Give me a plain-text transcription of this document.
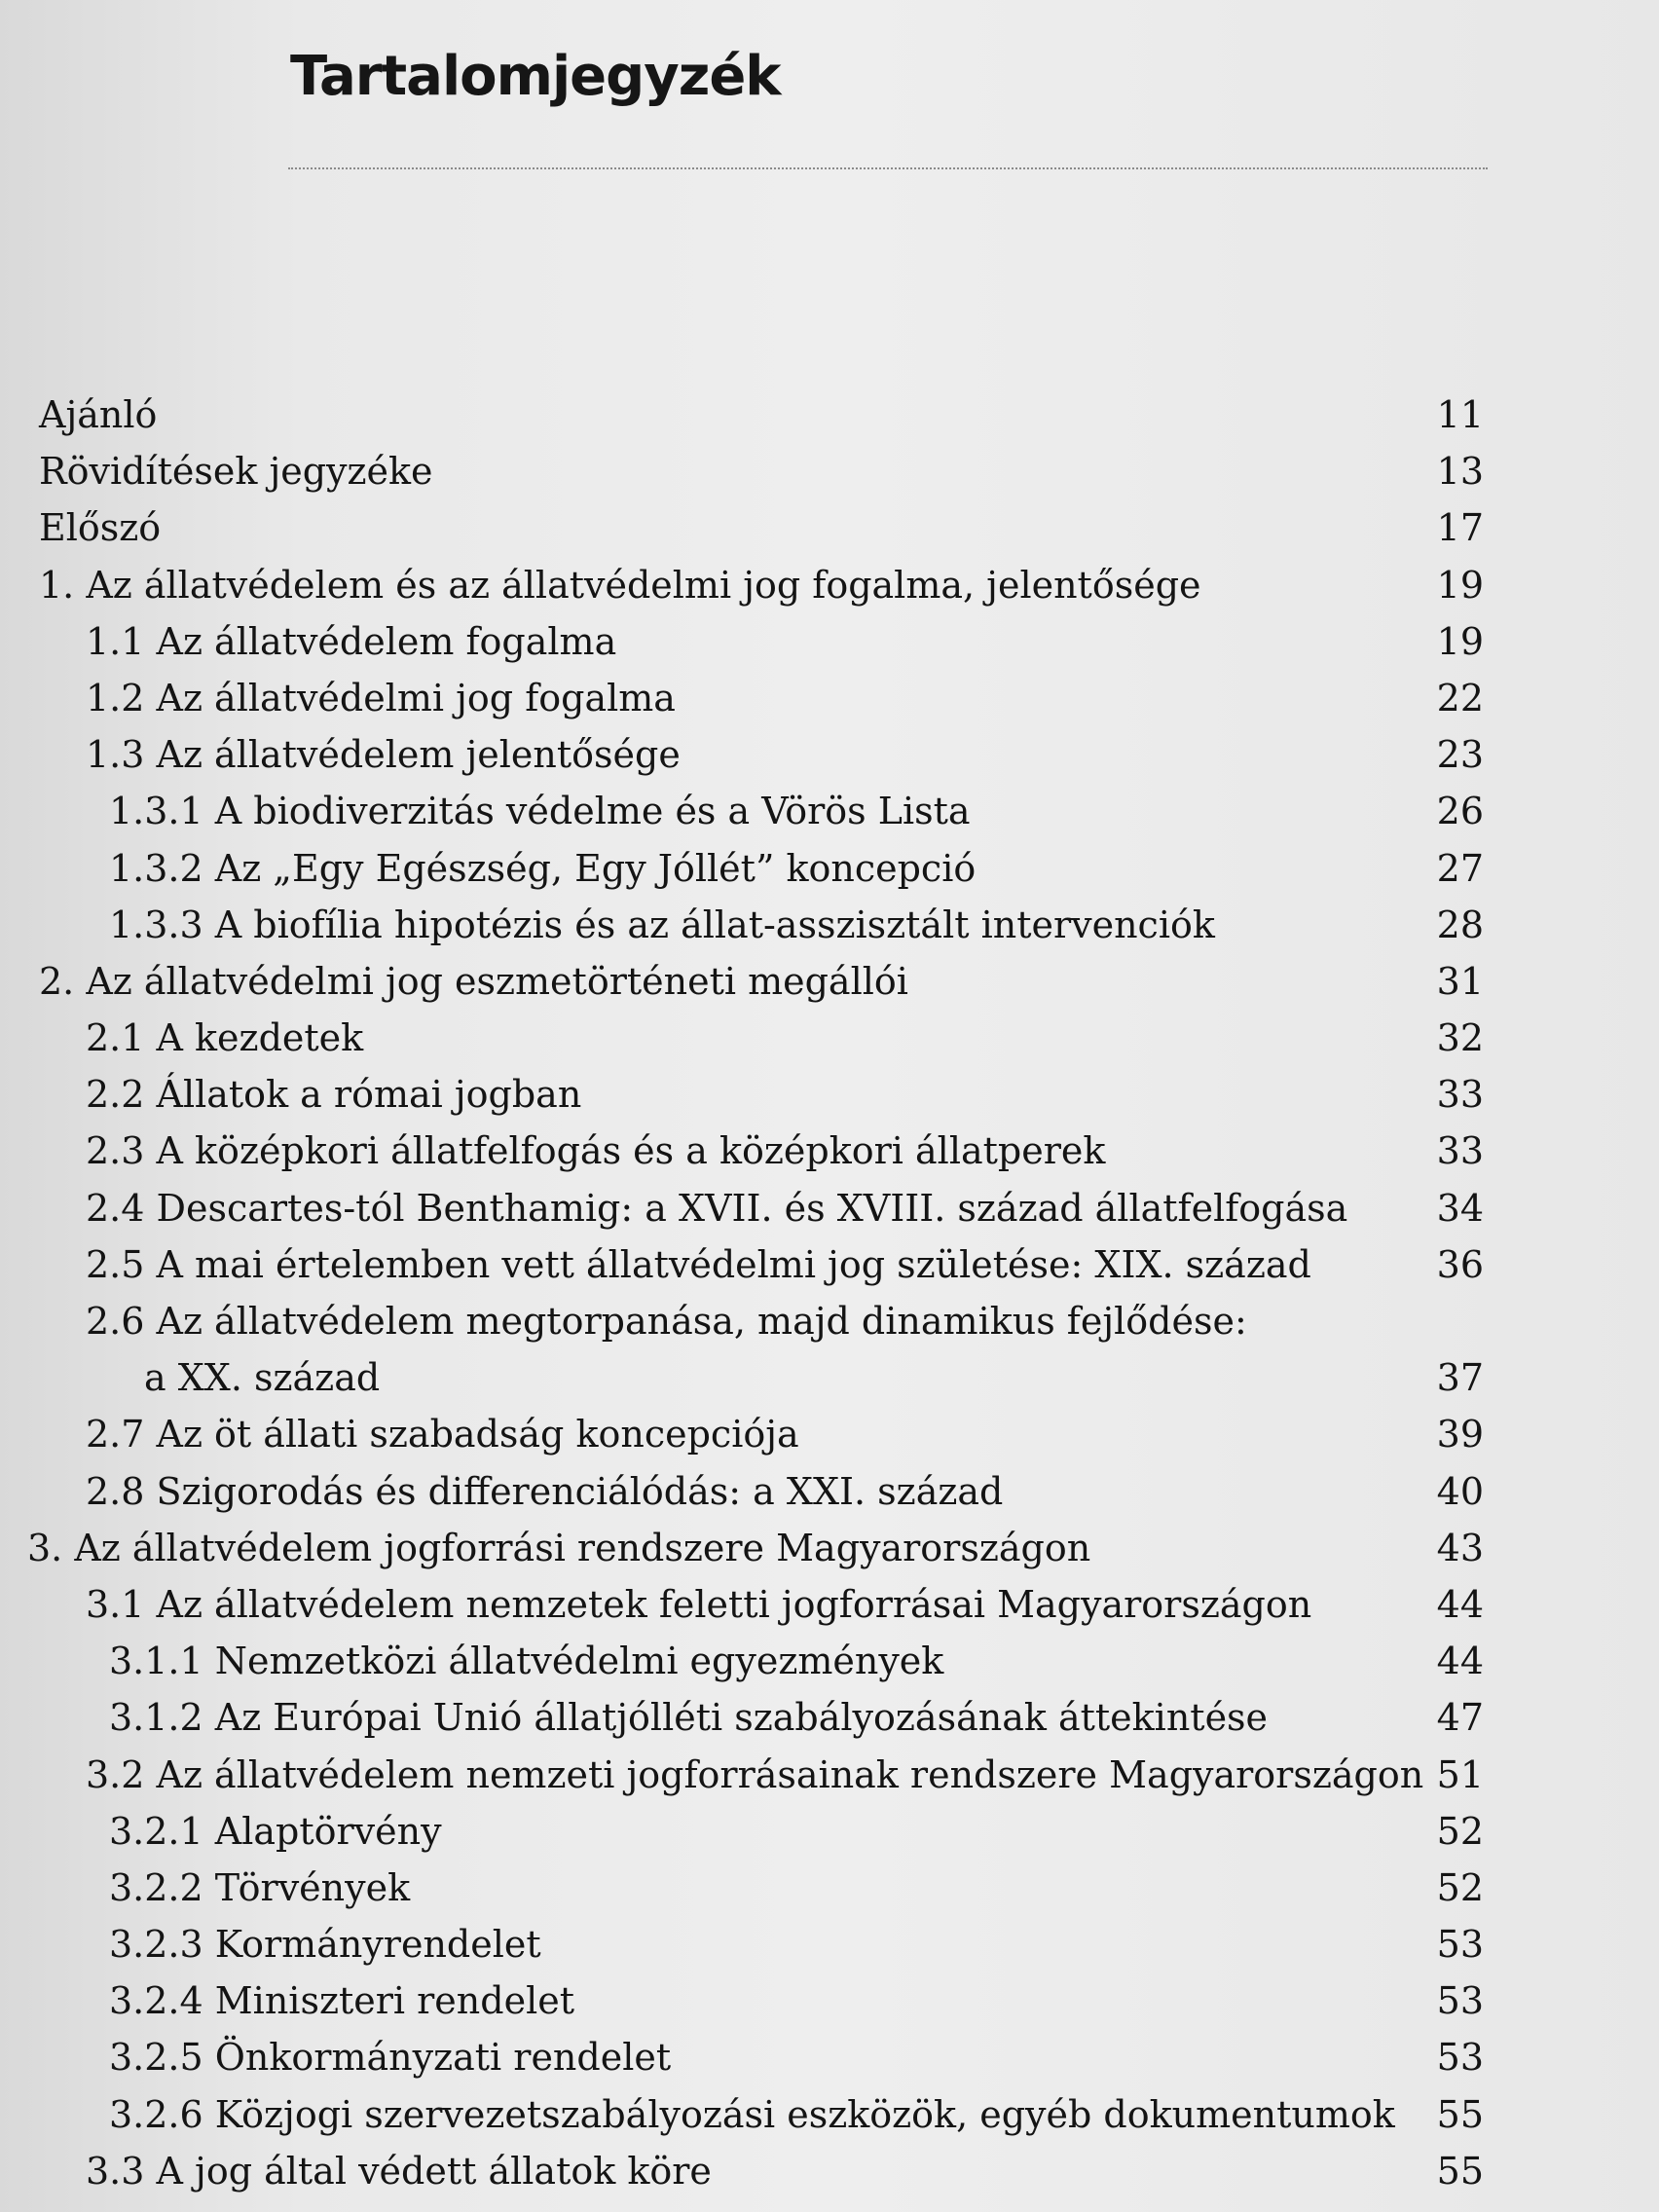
Tartalomjegyzék
Ajánló	11
Rövidítések jegyzéke	13
Előszó	17
1. Az állatvédelem és az állatvédelmi jog fogalma, jelentősége	19
1.1 Az állatvédelem fogalma	19
1.2 Az állatvédelmi jog fogalma	22
1.3 Az állatvédelem jelentősége	23
1.3.1 A biodiverzitás védelme és a Vörös Lista	26
1.3.2 Az „Egy Egészség, Egy Jóllét” koncepció	27
1.3.3 A biofília hipotézis és az állat-asszisztált intervenciók	28
2. Az állatvédelmi jog eszmetörténeti megállói	31
2.1 A kezdetek	32
2.2 Állatok a római jogban	33
2.3 A középkori állatfelfogás és a középkori állatperek	33
2.4 Descartes-tól Benthamig: a XVII. és XVIII. század állatfelfogása 34
2.5 A mai értelemben vett állatvédelmi jog születése: XIX. század	36
2.6 Az állatvédelem megtorpanása, majd dinamikus fejlődése:
a XX. század	37
2.7 Az öt állati szabadság koncepciója	39
2.8 Szigorodás és differenciálódás: a XXI. század	40
3. Az állatvédelem jogforrási rendszere Magyarországon	43
3.1 Az állatvédelem nemzetek feletti jogforrásai Magyarországon	44
3.1.1 Nemzetközi állatvédelmi egyezmények	44
3.1.2 Az Európai Unió állatjólléti szabályozásának áttekintése	47
3.2 Az állatvédelem nemzeti jogforrásainak rendszere Magyarországon 51
3.2.1 Alaptörvény	52
3.2.2 Törvények	52
3.2.3 Kormányrendelet	53
3.2.4 Miniszteri rendelet	53
3.2.5 Önkormányzati rendelet	53
3.2.6 Közjogi szervezetszabályozási eszközök, egyéb dokumentumok 55
3.3 A jog által védett állatok köre	55
